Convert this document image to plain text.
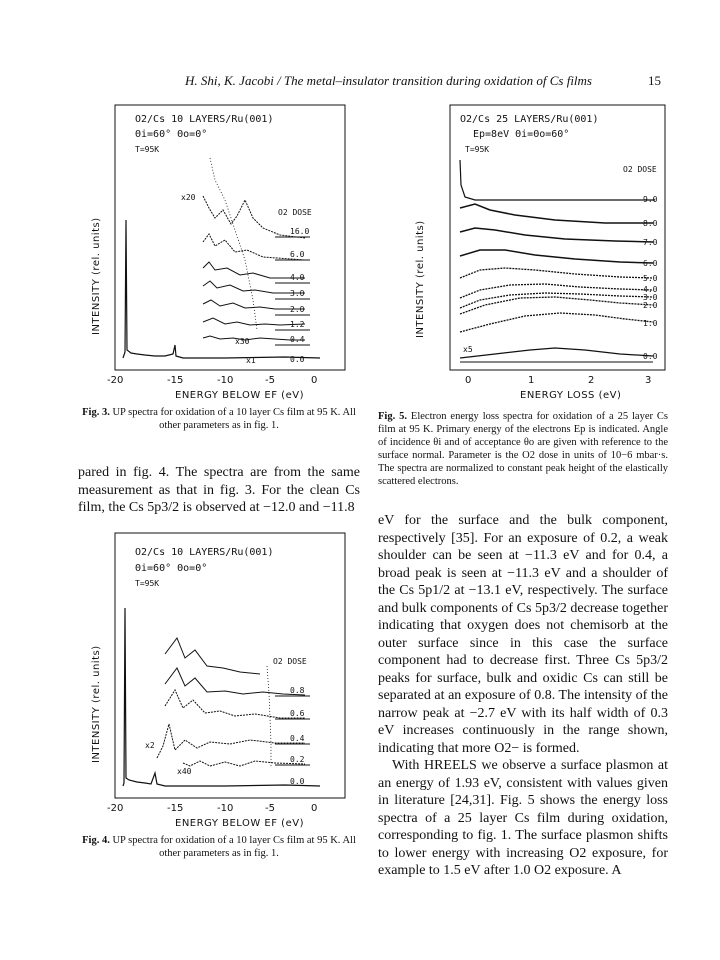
H. Shi, K. Jacobi / The metal–insulator transition during oxidation of Cs films	15
O2/Cs 10 LAYERS/Ru(001)
Θi=60° Θo=0°
T=95K
INTENSITY (rel. units)
x20
x30
x1
O2 DOSE
16.0
6.0
4.0
3.0
2.0
1.2
0.4
0.0
-20	-15	-10	-5	0
ENERGY BELOW EF (eV)
Fig. 3. UP spectra for oxidation of a 10 layer Cs film at 95 K. All other parameters as in fig. 1.
O2/Cs 25 LAYERS/Ru(001)
Ep=8eV Θi=Θo=60°
T=95K
INTENSITY (rel. units)
O2 DOSE
x5
9.0
8.0
7.0
6.0
5.0
4.0
3.0
2.0
1.0
0.0
0	1	2	3
ENERGY LOSS (eV)
Fig. 5. Electron energy loss spectra for oxidation of a 25 layer Cs film at 95 K. Primary energy of the electrons Ep is indicated. Angle of incidence θi and of acceptance θo are given with reference to the surface normal. Parameter is the O2 dose in units of 10−6 mbar·s. The spectra are normalized to constant peak height of the elastically scattered electrons.

pared in fig. 4. The spectra are from the same measurement as that in fig. 3. For the clean Cs film, the Cs 5p3/2 is observed at −12.0 and −11.8

O2/Cs 10 LAYERS/Ru(001)
Θi=60° Θo=0°
T=95K
INTENSITY (rel. units)	O2 DOSE
x2
x40
0.8
0.6
0.4
0.2
0.0
-20	-15	-10	-5	0
ENERGY BELOW EF (eV)
Fig. 4. UP spectra for oxidation of a 10 layer Cs film at 95 K. All other parameters as in fig. 1.

eV for the surface and the bulk component, respectively [35]. For an exposure of 0.2, a weak shoulder can be seen at −11.3 eV and for 0.4, a broad peak is seen at −11.3 eV and a shoulder of the Cs 5p1/2 at −13.1 eV, respectively. The surface and bulk components of Cs 5p3/2 decrease together indicating that oxygen does not chemisorb at the outer surface since in this case the surface component had to decrease first. Three Cs 5p3/2 peaks for surface, bulk and oxidic Cs can still be separated at an exposure of 0.8. The intensity of the narrow peak at −2.7 eV with its half width of 0.3 eV increases continuously in the range shown, indicating that more O2− is formed.

With HREELS we observe a surface plasmon at an energy of 1.93 eV, consistent with values given in literature [24,31]. Fig. 5 shows the energy loss spectra of a 25 layer Cs film during oxidation, corresponding to fig. 1. The surface plasmon shifts to lower energy with increasing O2 exposure, for example to 1.5 eV after 1.0 O2 exposure. A
